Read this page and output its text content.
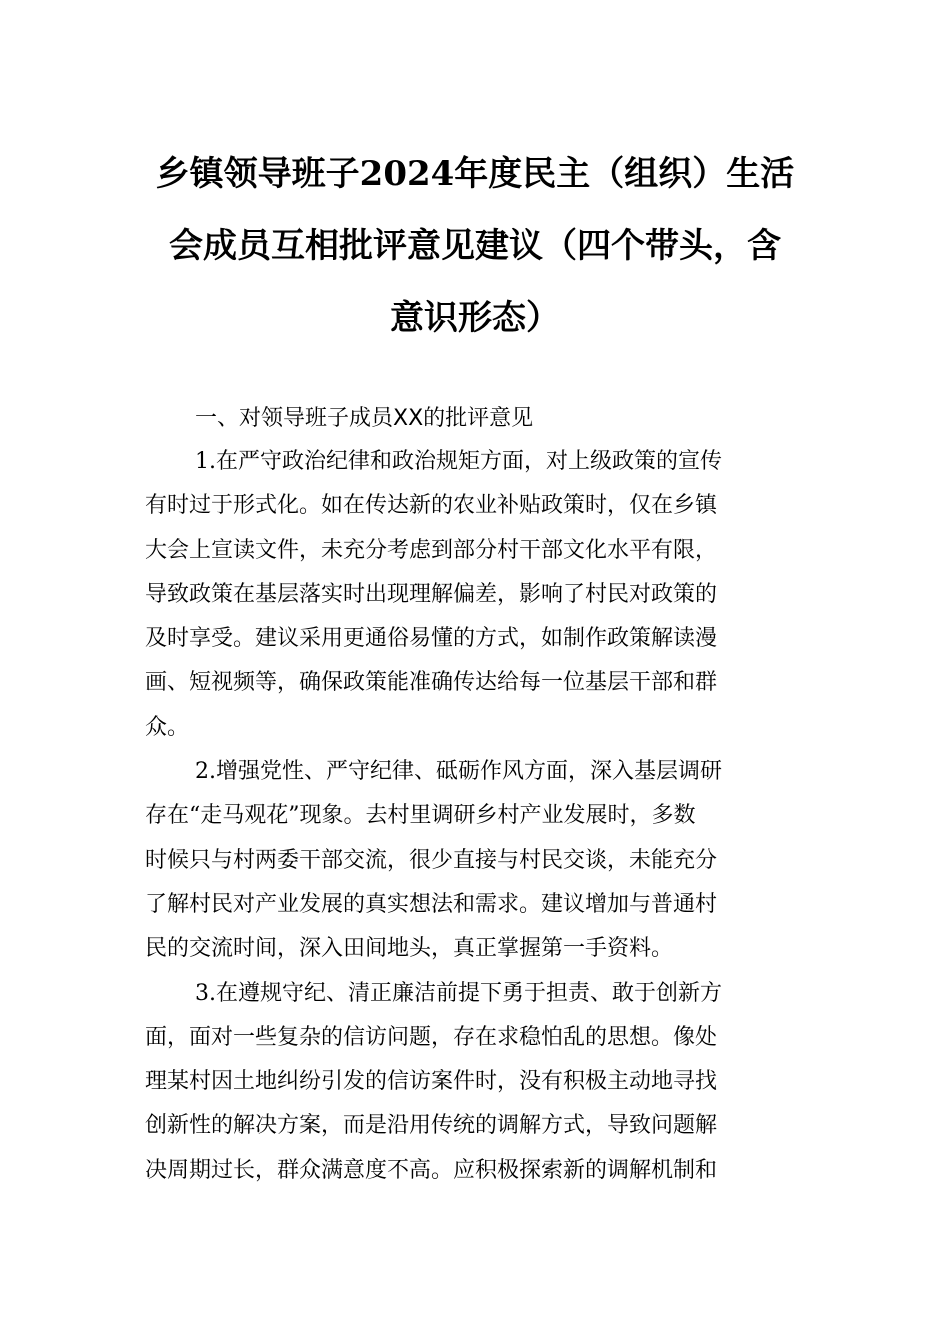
乡镇领导班子2024年度民主（组织）生活
会成员互相批评意见建议（四个带头，含
意识形态）

一、对领导班子成员XX的批评意见

1.在严守政治纪律和政治规矩方面，对上级政策的宣传
有时过于形式化。如在传达新的农业补贴政策时，仅在乡镇
大会上宣读文件，未充分考虑到部分村干部文化水平有限，
导致政策在基层落实时出现理解偏差，影响了村民对政策的
及时享受。建议采用更通俗易懂的方式，如制作政策解读漫
画、短视频等，确保政策能准确传达给每一位基层干部和群
众。

2.增强党性、严守纪律、砥砺作风方面，深入基层调研
存在“走马观花”现象。去村里调研乡村产业发展时，多数
时候只与村两委干部交流，很少直接与村民交谈，未能充分
了解村民对产业发展的真实想法和需求。建议增加与普通村
民的交流时间，深入田间地头，真正掌握第一手资料。

3.在遵规守纪、清正廉洁前提下勇于担责、敢于创新方
面，面对一些复杂的信访问题，存在求稳怕乱的思想。像处
理某村因土地纠纷引发的信访案件时，没有积极主动地寻找
创新性的解决方案，而是沿用传统的调解方式，导致问题解
决周期过长，群众满意度不高。应积极探索新的调解机制和
